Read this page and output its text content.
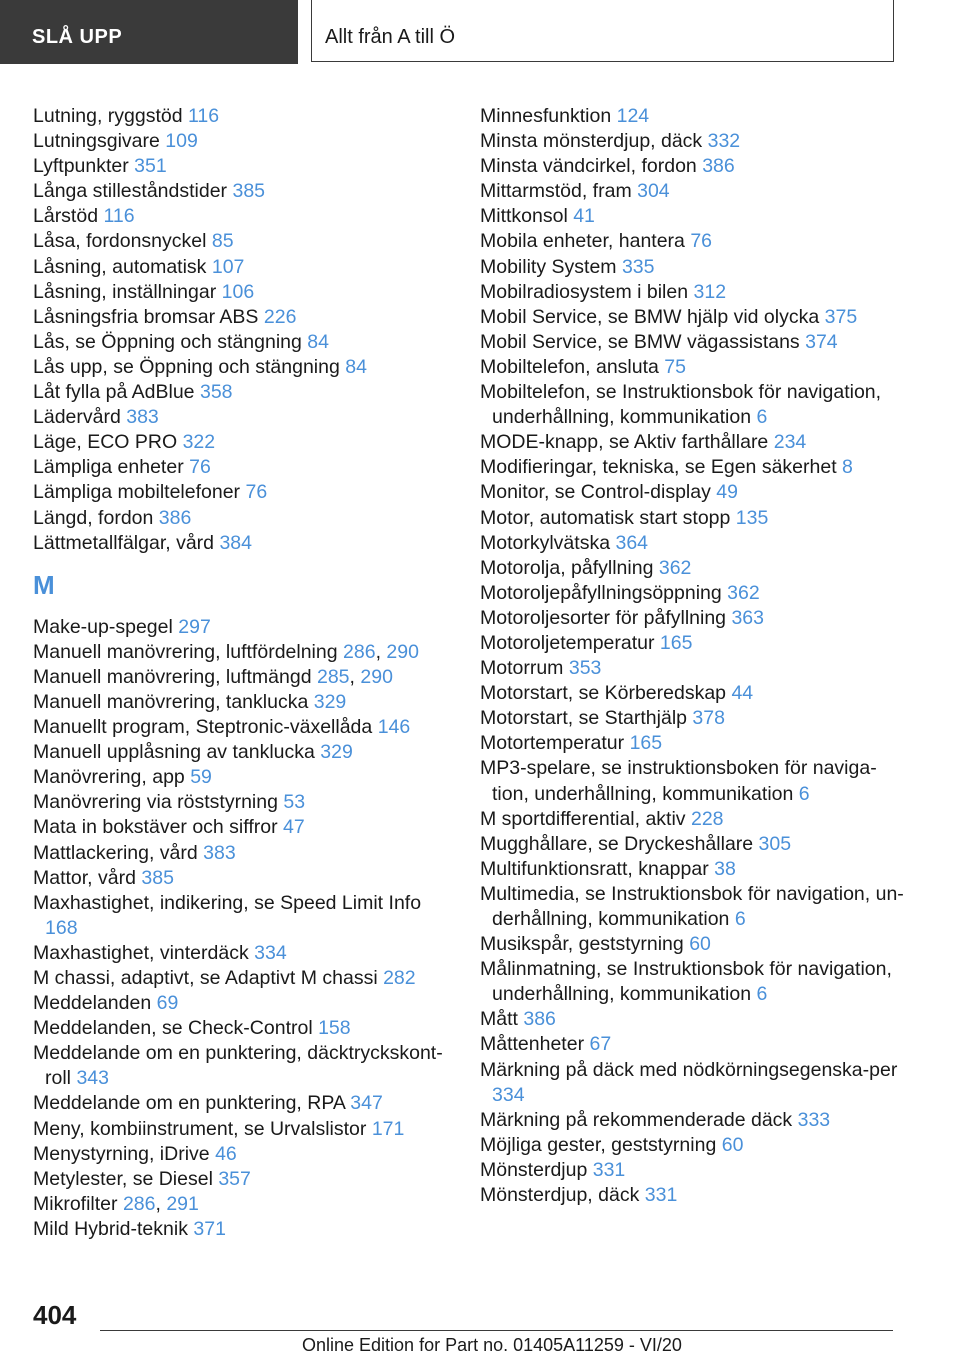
SLÅ UPP	Allt från A till Ö
Lutning, ryggstöd 116
Lutningsgivare 109
Lyftpunkter 351
Långa stilleståndstider 385
Lårstöd 116
Låsa, fordonsnyckel 85
Låsning, automatisk 107
Låsning, inställningar 106
Låsningsfria bromsar ABS 226
Lås, se Öppning och stängning 84
Lås upp, se Öppning och stängning 84
Låt fylla på AdBlue 358
Lädervård 383
Läge, ECO PRO 322
Lämpliga enheter 76
Lämpliga mobiltelefoner 76
Längd, fordon 386
Lättmetallfälgar, vård 384
M
Make-up-spegel 297
Manuell manövrering, luftfördelning 286, 290
Manuell manövrering, luftmängd 285, 290
Manuell manövrering, tanklucka 329
Manuellt program, Steptronic-växellåda 146
Manuell upplåsning av tanklucka 329
Manövrering, app 59
Manövrering via röststyrning 53
Mata in bokstäver och siffror 47
Mattlackering, vård 383
Mattor, vård 385
Maxhastighet, indikering, se Speed Limit Info 168
Maxhastighet, vinterdäck 334
M chassi, adaptivt, se Adaptivt M chassi 282
Meddelanden 69
Meddelanden, se Check-Control 158
Meddelande om en punktering, däcktryckskont-roll 343
Meddelande om en punktering, RPA 347
Meny, kombiinstrument, se Urvalslistor 171
Menystyrning, iDrive 46
Metylester, se Diesel 357
Mikrofilter 286, 291
Mild Hybrid-teknik 371
Minnesfunktion 124
Minsta mönsterdjup, däck 332
Minsta vändcirkel, fordon 386
Mittarmstöd, fram 304
Mittkonsol 41
Mobila enheter, hantera 76
Mobility System 335
Mobilradiosystem i bilen 312
Mobil Service, se BMW hjälp vid olycka 375
Mobil Service, se BMW vägassistans 374
Mobiltelefon, ansluta 75
Mobiltelefon, se Instruktionsbok för navigation, underhållning, kommunikation 6
MODE-knapp, se Aktiv farthållare 234
Modifieringar, tekniska, se Egen säkerhet 8
Monitor, se Control-display 49
Motor, automatisk start stopp 135
Motorkylvätska 364
Motorolja, påfyllning 362
Motoroljepåfyllningsöppning 362
Motoroljesorter för påfyllning 363
Motoroljetemperatur 165
Motorrum 353
Motorstart, se Körberedskap 44
Motorstart, se Starthjälp 378
Motortemperatur 165
MP3-spelare, se instruktionsboken för naviga-tion, underhållning, kommunikation 6
M sportdifferential, aktiv 228
Mugghållare, se Dryckeshållare 305
Multifunktionsratt, knappar 38
Multimedia, se Instruktionsbok för navigation, un-derhållning, kommunikation 6
Musikspår, geststyrning 60
Målinmatning, se Instruktionsbok för navigation, underhållning, kommunikation 6
Mått 386
Måttenheter 67
Märkning på däck med nödkörningsegenska-per 334
Märkning på rekommenderade däck 333
Möjliga gester, geststyrning 60
Mönsterdjup 331
Mönsterdjup, däck 331
404
Online Edition for Part no. 01405A11259 - VI/20
